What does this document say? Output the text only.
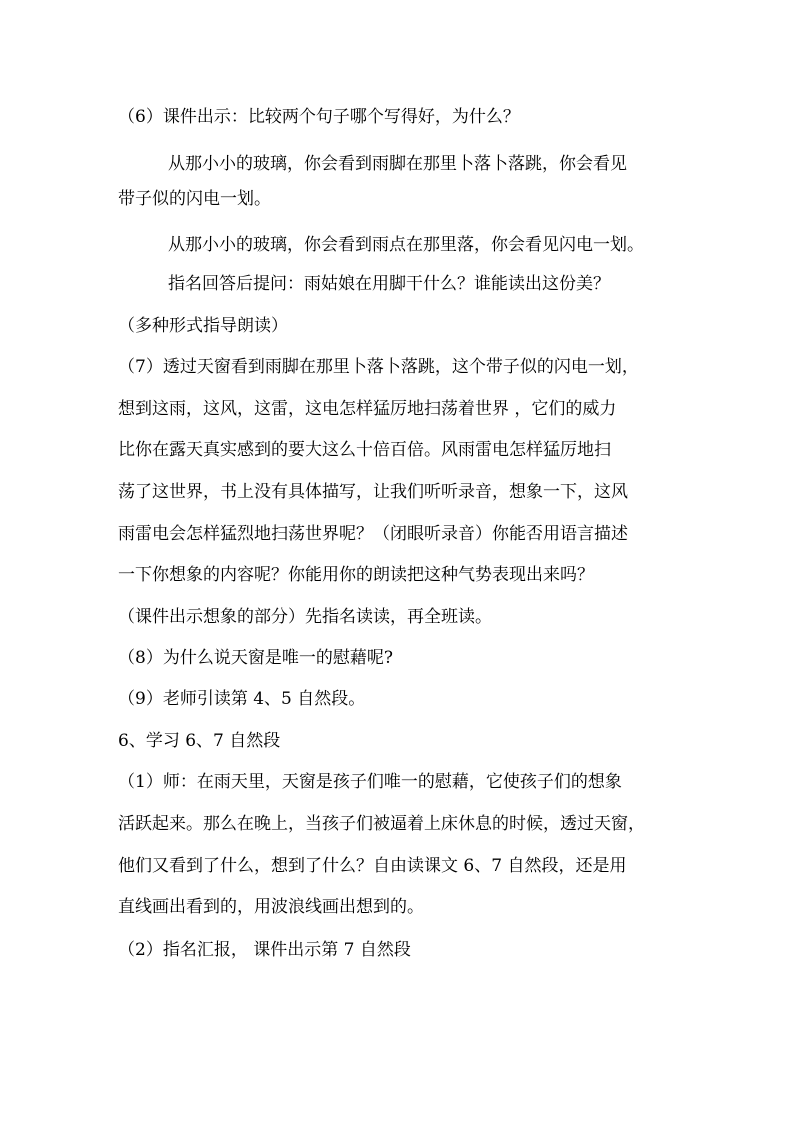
（6）课件出示：比较两个句子哪个写得好，为什么？
从那小小的玻璃，你会看到雨脚在那里卜落卜落跳，你会看见
带子似的闪电一划。
从那小小的玻璃，你会看到雨点在那里落，你会看见闪电一划。
指名回答后提问：雨姑娘在用脚干什么？谁能读出这份美？
（多种形式指导朗读）
（7）透过天窗看到雨脚在那里卜落卜落跳，这个带子似的闪电一划，
想到这雨，这风，这雷，这电怎样猛厉地扫荡着世界 ，它们的威力
比你在露天真实感到的要大这么十倍百倍。风雨雷电怎样猛厉地扫
荡了这世界，书上没有具体描写，让我们听听录音，想象一下，这风
雨雷电会怎样猛烈地扫荡世界呢？（闭眼听录音）你能否用语言描述
一下你想象的内容呢？你能用你的朗读把这种气势表现出来吗？
（课件出示想象的部分）先指名读读，再全班读。
（8）为什么说天窗是唯一的慰藉呢?
（9）老师引读第 4、5 自然段。
6、学习 6、7 自然段
（1）师：在雨天里，天窗是孩子们唯一的慰藉，它使孩子们的想象
活跃起来。那么在晚上，当孩子们被逼着上床休息的时候，透过天窗，
他们又看到了什么，想到了什么？自由读课文 6、7 自然段，还是用
直线画出看到的，用波浪线画出想到的。
（2）指名汇报， 课件出示第 7 自然段
